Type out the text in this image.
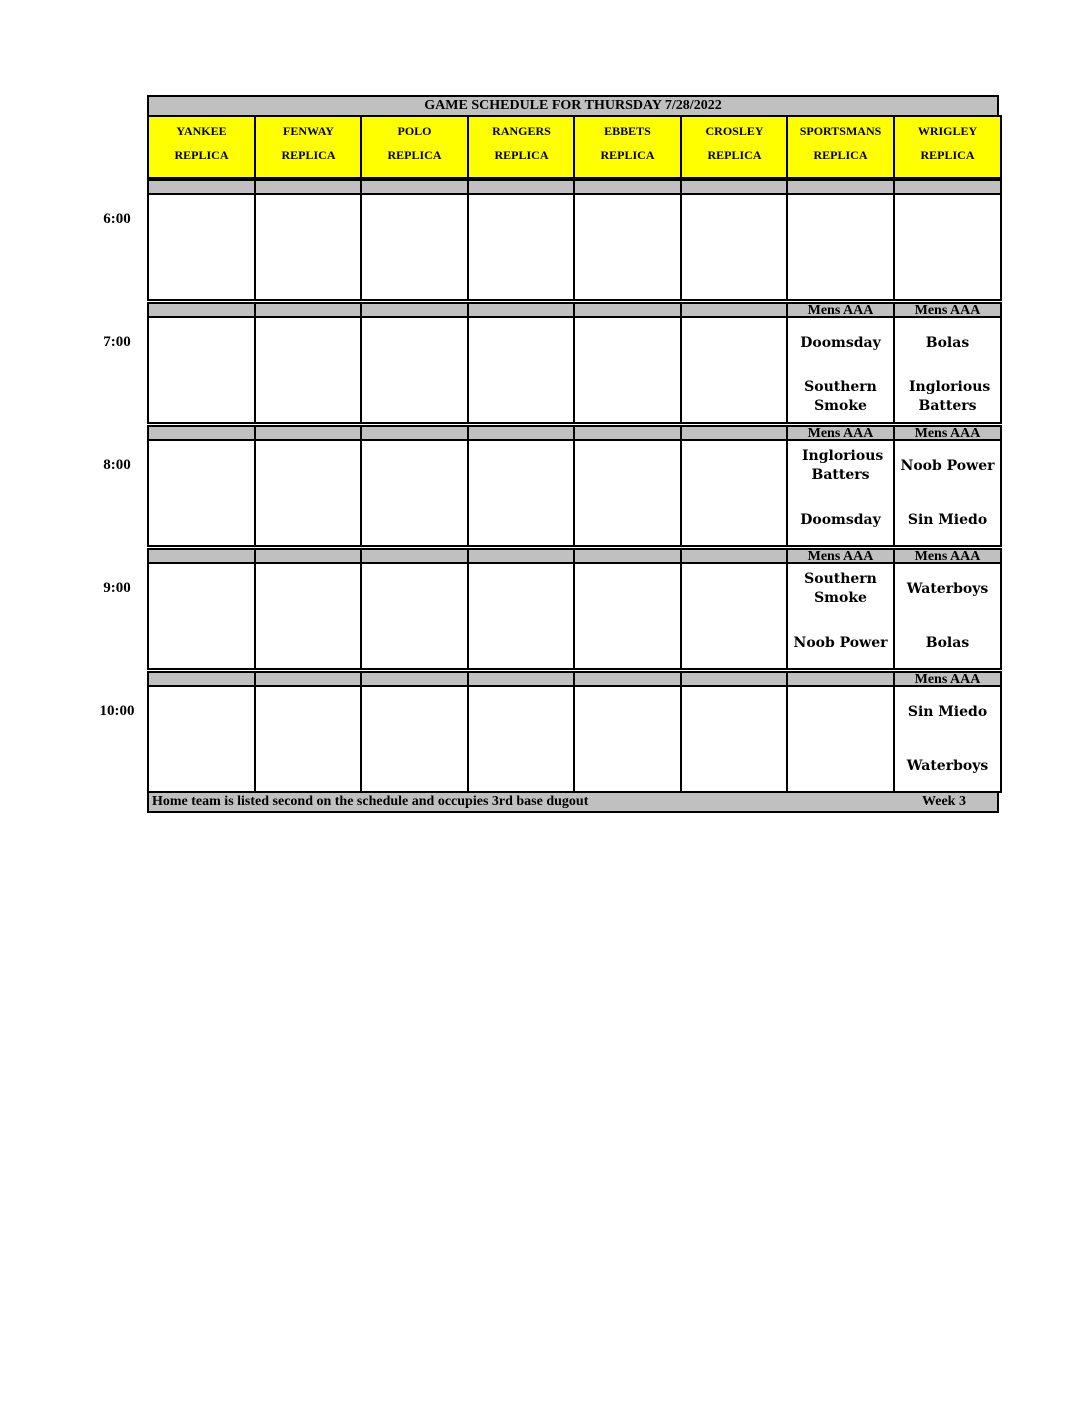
GAME SCHEDULE FOR THURSDAY 7/28/2022
YANKEE
REPLICA
FENWAY
REPLICA
POLO
REPLICA
RANGERS
REPLICA
EBBETS
REPLICA
CROSLEY
REPLICA
SPORTSMANS
REPLICA
WRIGLEY
REPLICA
6:00
7:00
Mens AAA
Doomsday
Southern Smoke
Mens AAA
Bolas
Inglorious Batters
8:00
Mens AAA
Inglorious Batters
Doomsday
Mens AAA
Noob Power
Sin Miedo
9:00
Mens AAA
Southern Smoke
Noob Power
Mens AAA
Waterboys
Bolas
10:00
Mens AAA
Sin Miedo
Waterboys
Home team is listed second on the schedule and occupies 3rd base dugout	Week 3
